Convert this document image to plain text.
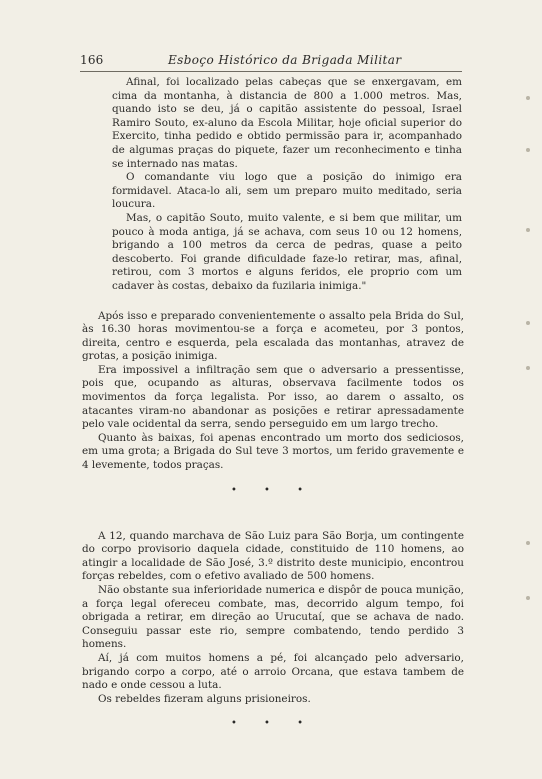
166	Esboço Histórico da Brigada Militar

Afinal, foi localizado pelas cabeças que se enxergavam, em cima da montanha, à distancia de 800 a 1.000 metros. Mas, quando isto se deu, já o capitão assistente do pessoal, Israel Ramiro Souto, ex-aluno da Escola Militar, hoje oficial superior do Exercito, tinha pedido e obtido permissão para ir, acompanhado de algumas praças do piquete, fazer um reconhecimento e tinha se internado nas matas.

O comandante viu logo que a posição do inimigo era formidavel. Ataca-lo ali, sem um preparo muito meditado, seria loucura.

Mas, o capitão Souto, muito valente, e si bem que militar, um pouco à moda antiga, já se achava, com seus 10 ou 12 homens, brigando a 100 metros da cerca de pedras, quase a peito descoberto. Foi grande dificuldade faze-lo retirar, mas, afinal, retirou, com 3 mortos e alguns feridos, ele proprio com um cadaver às costas, debaixo da fuzilaria inimiga."

Após isso e preparado convenientemente o assalto pela Brida do Sul, às 16.30 horas movimentou-se a força e acometeu, por 3 pontos, direita, centro e esquerda, pela escalada das montanhas, atravez de grotas, a posição inimiga.

Era impossivel a infiltração sem que o adversario a pressentisse, pois que, ocupando as alturas, observava facilmente todos os movimentos da força legalista. Por isso, ao darem o assalto, os atacantes viram-no abandonar as posições e retirar apressadamente pelo vale ocidental da serra, sendo perseguido em um largo trecho.

Quanto às baixas, foi apenas encontrado um morto dos sediciosos, em uma grota; a Brigada do Sul teve 3 mortos, um ferido gravemente e 4 levemente, todos praças.

• • •

A 12, quando marchava de São Luiz para São Borja, um contingente do corpo provisorio daquela cidade, constituido de 110 homens, ao atingir a localidade de São José, 3.º distrito deste municipio, encontrou forças rebeldes, com o efetivo avaliado de 500 homens.

Não obstante sua inferioridade numerica e dispôr de pouca munição, a força legal ofereceu combate, mas, decorrido algum tempo, foi obrigada a retirar, em direção ao Urucutaí, que se achava de nado. Conseguiu passar este rio, sempre combatendo, tendo perdido 3 homens.

Aí, já com muitos homens a pé, foi alcançado pelo adversario, brigando corpo a corpo, até o arroio Orcana, que estava tambem de nado e onde cessou a luta.

Os rebeldes fizeram alguns prisioneiros.

• • •
